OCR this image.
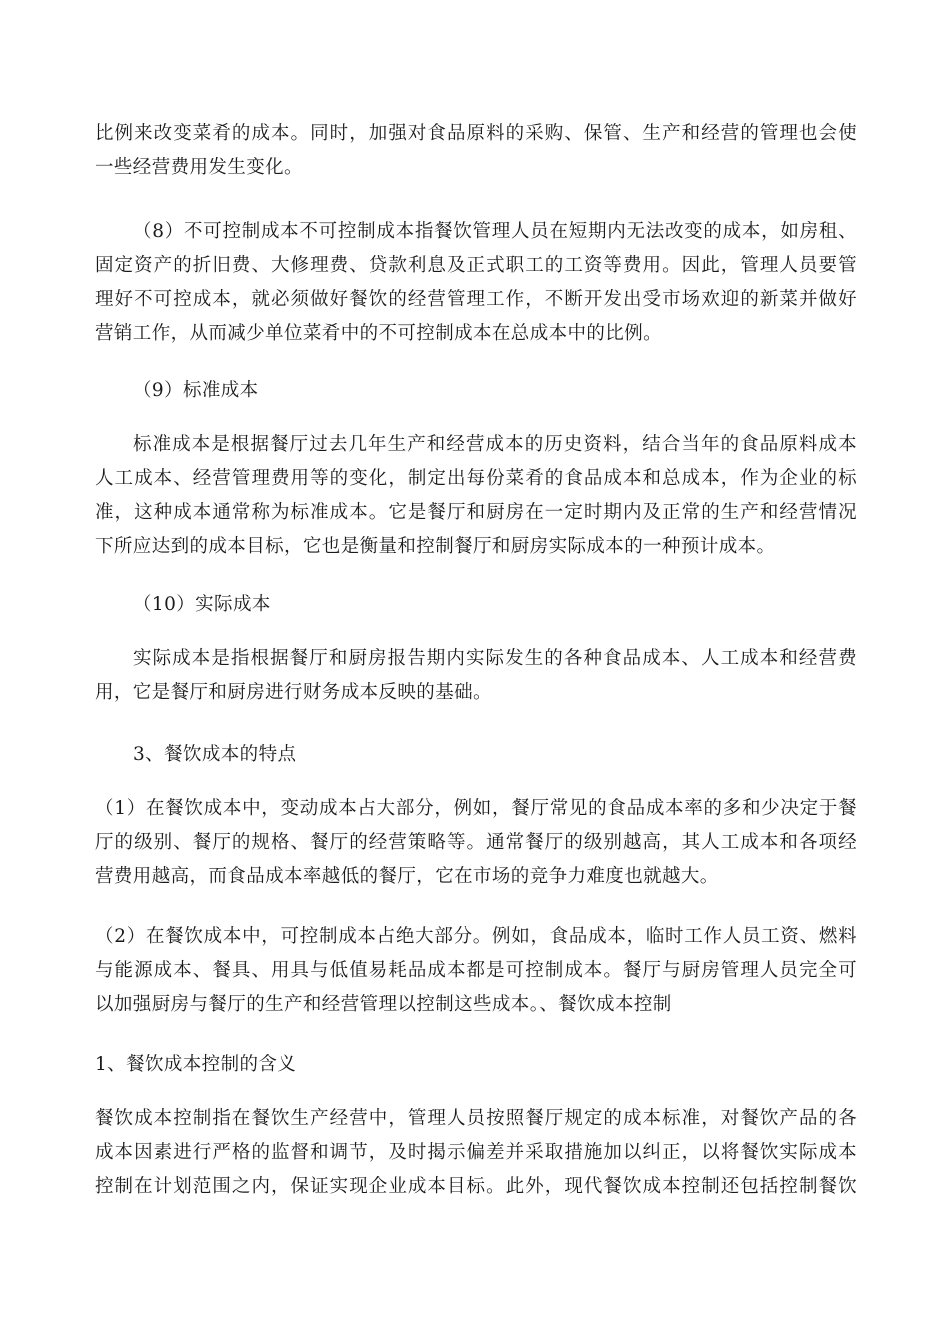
比例来改变菜肴的成本。同时，加强对食品原料的采购、保管、生产和经营的管理也会使
一些经营费用发生变化。
（8）不可控制成本不可控制成本指餐饮管理人员在短期内无法改变的成本，如房租、
固定资产的折旧费、大修理费、贷款利息及正式职工的工资等费用。因此，管理人员要管
理好不可控成本，就必须做好餐饮的经营管理工作，不断开发出受市场欢迎的新菜并做好
营销工作，从而减少单位菜肴中的不可控制成本在总成本中的比例。
（9）标准成本
标准成本是根据餐厅过去几年生产和经营成本的历史资料，结合当年的食品原料成本
人工成本、经营管理费用等的变化，制定出每份菜肴的食品成本和总成本，作为企业的标
准，这种成本通常称为标准成本。它是餐厅和厨房在一定时期内及正常的生产和经营情况
下所应达到的成本目标，它也是衡量和控制餐厅和厨房实际成本的一种预计成本。
（10）实际成本
实际成本是指根据餐厅和厨房报告期内实际发生的各种食品成本、人工成本和经营费
用，它是餐厅和厨房进行财务成本反映的基础。
3、餐饮成本的特点
（1）在餐饮成本中，变动成本占大部分，例如，餐厅常见的食品成本率的多和少决定于餐
厅的级别、餐厅的规格、餐厅的经营策略等。通常餐厅的级别越高，其人工成本和各项经
营费用越高，而食品成本率越低的餐厅，它在市场的竞争力难度也就越大。
（2）在餐饮成本中，可控制成本占绝大部分。例如，食品成本，临时工作人员工资、燃料
与能源成本、餐具、用具与低值易耗品成本都是可控制成本。餐厅与厨房管理人员完全可
以加强厨房与餐厅的生产和经营管理以控制这些成本。、餐饮成本控制
1、餐饮成本控制的含义
餐饮成本控制指在餐饮生产经营中，管理人员按照餐厅规定的成本标准，对餐饮产品的各
成本因素进行严格的监督和调节，及时揭示偏差并采取措施加以纠正，以将餐饮实际成本
控制在计划范围之内，保证实现企业成本目标。此外，现代餐饮成本控制还包括控制餐饮
